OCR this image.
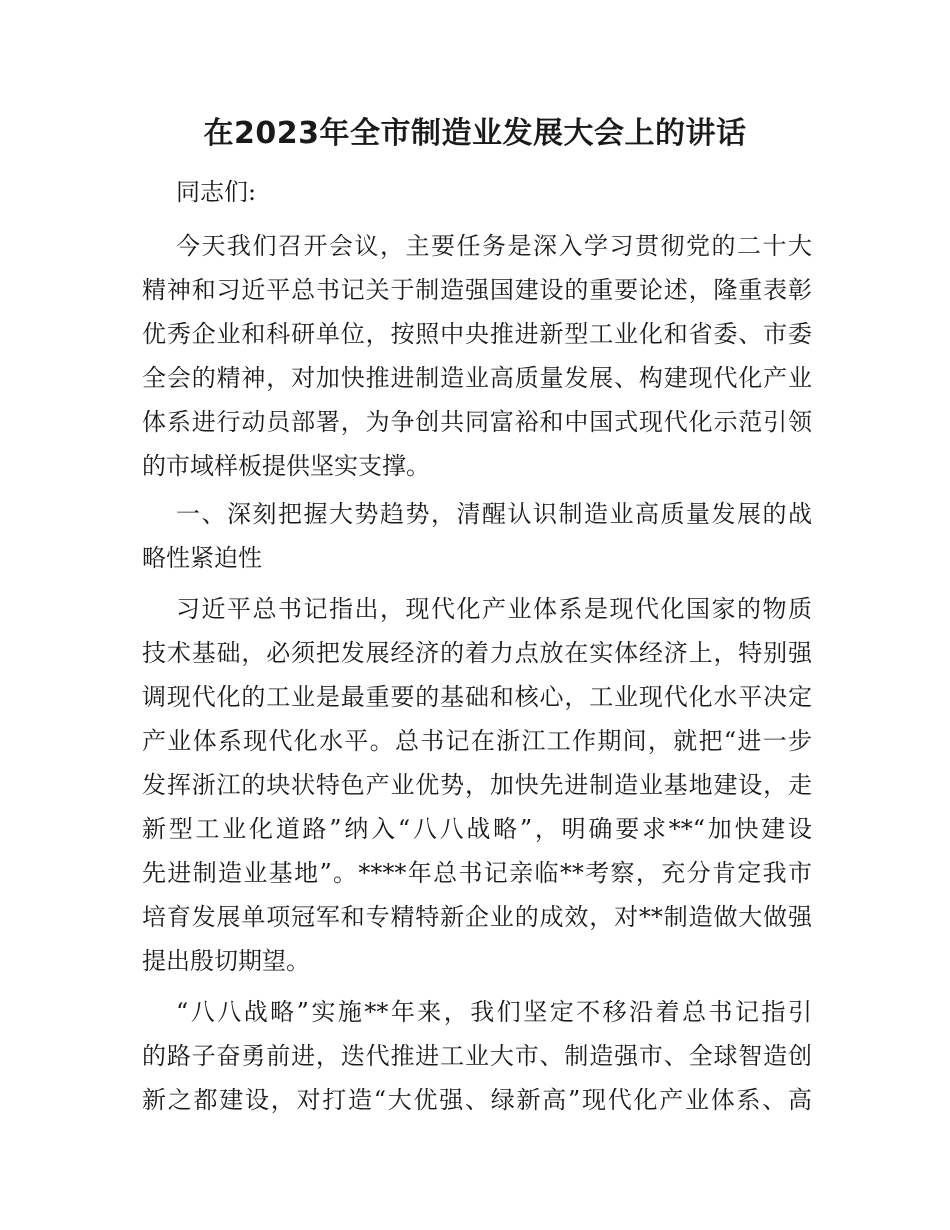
在2023年全市制造业发展大会上的讲话
同志们:
今天我们召开会议，主要任务是深入学习贯彻党的二十大
精神和习近平总书记关于制造强国建设的重要论述，隆重表彰
优秀企业和科研单位，按照中央推进新型工业化和省委、市委
全会的精神，对加快推进制造业高质量发展、构建现代化产业
体系进行动员部署，为争创共同富裕和中国式现代化示范引领
的市域样板提供坚实支撑。
一、深刻把握大势趋势，清醒认识制造业高质量发展的战
略性紧迫性
习近平总书记指出，现代化产业体系是现代化国家的物质
技术基础，必须把发展经济的着力点放在实体经济上，特别强
调现代化的工业是最重要的基础和核心，工业现代化水平决定
产业体系现代化水平。总书记在浙江工作期间，就把“进一步
发挥浙江的块状特色产业优势，加快先进制造业基地建设，走
新型工业化道路”纳入“八八战略”，明确要求**“加快建设
先进制造业基地”。****年总书记亲临**考察，充分肯定我市
培育发展单项冠军和专精特新企业的成效，对**制造做大做强
提出殷切期望。
“八八战略”实施**年来，我们坚定不移沿着总书记指引
的路子奋勇前进，迭代推进工业大市、制造强市、全球智造创
新之都建设，对打造“大优强、绿新高”现代化产业体系、高
